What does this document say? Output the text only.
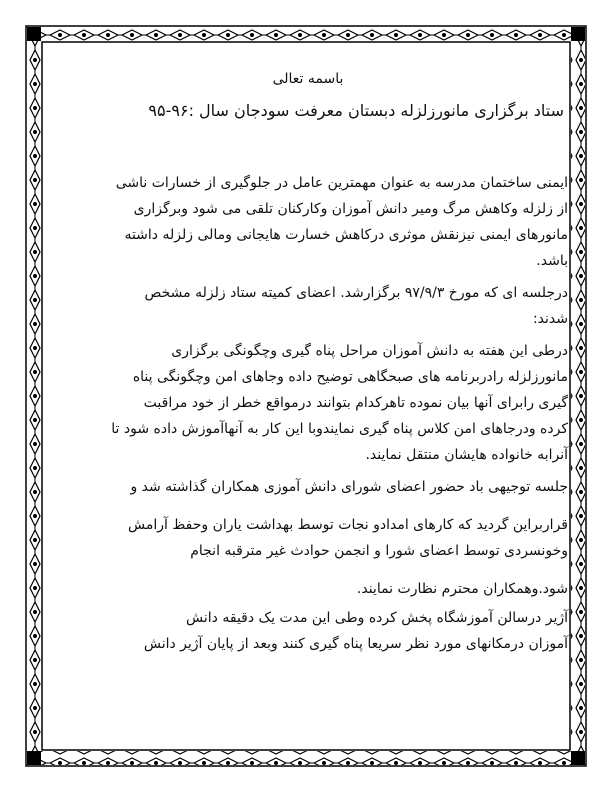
باسمه تعالی
ستاد برگزاری مانورزلزله دبستان معرفت سودجان سال :۹۶-۹۵
ایمنی ساختمان مدرسه به عنوان مهمترین عامل در جلوگیری از خسارات ناشی
از زلزله وکاهش مرگ ومیر دانش آموزان وکارکنان تلقی می شود وبرگزاری
مانورهای ایمنی نیزنقش موثری درکاهش خسارت هایجانی ومالی زلزله داشته
باشد.
درجلسه ای که مورخ ۹۷/۹/۳ برگزارشد. اعضای کمیته ستاد زلزله مشخص
شدند:
درطی این هفته به دانش آموزان مراحل پناه گیری وچگونگی برگزاری
مانورزلزله رادربرنامه های صبحگاهی توضیح داده وجاهای امن وچگونگی پناه
گیری رابرای آنها بیان نموده تاهرکدام بتوانند درمواقع خطر از خود مراقبت
کرده ودرجاهای امن کلاس پناه گیری نمایندوبا این کار به آنهاآموزش داده شود تا
آنرابه خانواده هایشان منتقل نمایند.
جلسه توجیهی باد حضور اعضای شورای دانش آموزی همکاران گذاشته شد و
قراربراین گردید که کارهای امدادو نجات توسط بهداشت یاران وحفظ آرامش
وخونسردی توسط اعضای شورا و انجمن حوادث غیر مترقبه انجام
شود.وهمکاران محترم نظارت نمایند.
آژیر درسالن آموزشگاه پخش کرده وطی این مدت یک دقیقه دانش
آموزان درمکانهای مورد نظر سریعا پناه گیری کنند وبعد از پایان آژیر دانش
